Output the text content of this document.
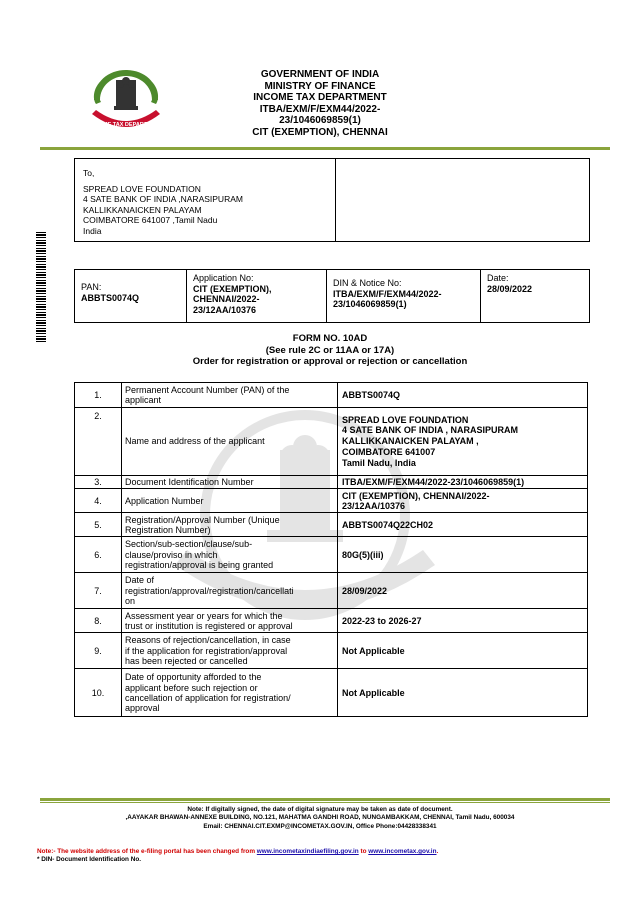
INCOME TAX DEPARTMENT
GOVERNMENT OF INDIA
MINISTRY OF FINANCE
INCOME TAX DEPARTMENT
ITBA/EXM/F/EXM44/2022-
23/1046069859(1)
CIT (EXEMPTION), CHENNAI
To,
SPREAD LOVE FOUNDATION
4 SATE BANK OF INDIA ,NARASIPURAM
KALLIKKANAICKEN PALAYAM
COIMBATORE 641007 ,Tamil Nadu
India
PAN:
ABBTS0074Q
Application No:
CIT (EXEMPTION),
CHENNAI/2022-
23/12AA/10376
DIN & Notice No:
ITBA/EXM/F/EXM44/2022-
23/1046069859(1)
Date:
28/09/2022
FORM NO. 10AD
(See rule 2C or 11AA or 17A)
Order for registration or approval or rejection or cancellation
1.	Permanent Account Number (PAN) of the
applicant	ABBTS0074Q

2.	Name and address of the applicant	SPREAD LOVE FOUNDATION
4 SATE BANK OF INDIA , NARASIPURAM
KALLIKKANAICKEN PALAYAM ,
COIMBATORE 641007
Tamil Nadu, India

3.	Document Identification Number	ITBA/EXM/F/EXM44/2022-23/1046069859(1)

4.	Application Number	CIT (EXEMPTION), CHENNAI/2022-
23/12AA/10376

5.	Registration/Approval Number (Unique
Registration Number)	ABBTS0074Q22CH02

6.	Section/sub-section/clause/sub-
clause/proviso in which
registration/approval is being granted	80G(5)(iii)

7.	Date of
registration/approval/registration/cancellati
on	28/09/2022

8.	Assessment year or years for which the
trust or institution is registered or approval	2022-23 to 2026-27

9.	Reasons of rejection/cancellation, in case
if the application for registration/approval
has been rejected or cancelled	Not Applicable

10.	Date of opportunity afforded to the
applicant before such rejection or
cancellation of application for registration/
approval	Not Applicable
Note: If digitally signed, the date of digital signature may be taken as date of document.
,AAYAKAR BHAWAN-ANNEXE BUILDING, NO.121, MAHATMA GANDHI ROAD, NUNGAMBAKKAM, CHENNAI, Tamil Nadu, 600034
Email: CHENNAI.CIT.EXMP@INCOMETAX.GOV.IN, Office Phone:04428338341
Note:- The website address of the e-filing portal has been changed from www.incometaxindiaefiling.gov.in to www.incometax.gov.in.
* DIN- Document Identification No.
